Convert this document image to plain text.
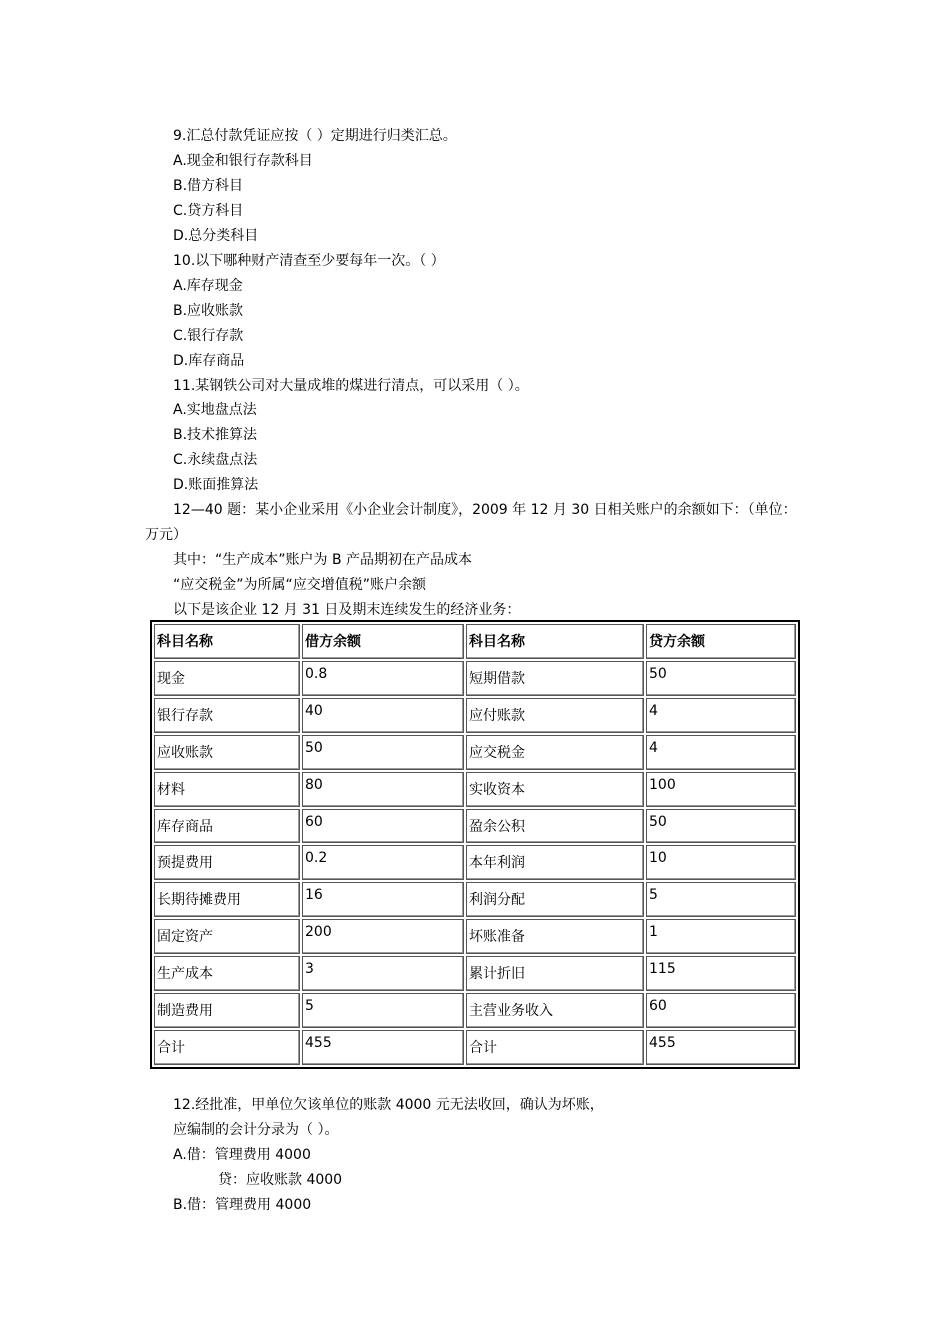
9.汇总付款凭证应按（ ）定期进行归类汇总。
A.现金和银行存款科目
B.借方科目
C.贷方科目
D.总分类科目
10.以下哪种财产清查至少要每年一次。（ ）
A.库存现金
B.应收账款
C.银行存款
D.库存商品
11.某钢铁公司对大量成堆的煤进行清点，可以采用（ ）。
A.实地盘点法
B.技术推算法
C.永续盘点法
D.账面推算法
12—40 题：某小企业采用《小企业会计制度》，2009 年 12 月 30 日相关账户的余额如下：（单位：
万元）
其中：“生产成本”账户为 B 产品期初在产品成本
“应交税金”为所属“应交增值税”账户余额
以下是该企业 12 月 31 日及期末连续发生的经济业务：
科目名称	借方余额	科目名称	贷方余额
现金	0.8	短期借款	50
银行存款	40	应付账款	4
应收账款	50	应交税金	4
材料	80	实收资本	100
库存商品	60	盈余公积	50
预提费用	0.2	本年利润	10
长期待摊费用	16	利润分配	5
固定资产	200	坏账准备	1
生产成本	3	累计折旧	115
制造费用	5	主营业务收入	60
合计	455	合计	455
12.经批准，甲单位欠该单位的账款 4000 元无法收回，确认为坏账，
应编制的会计分录为（ ）。
A.借：管理费用 4000
贷：应收账款 4000
B.借：管理费用 4000
